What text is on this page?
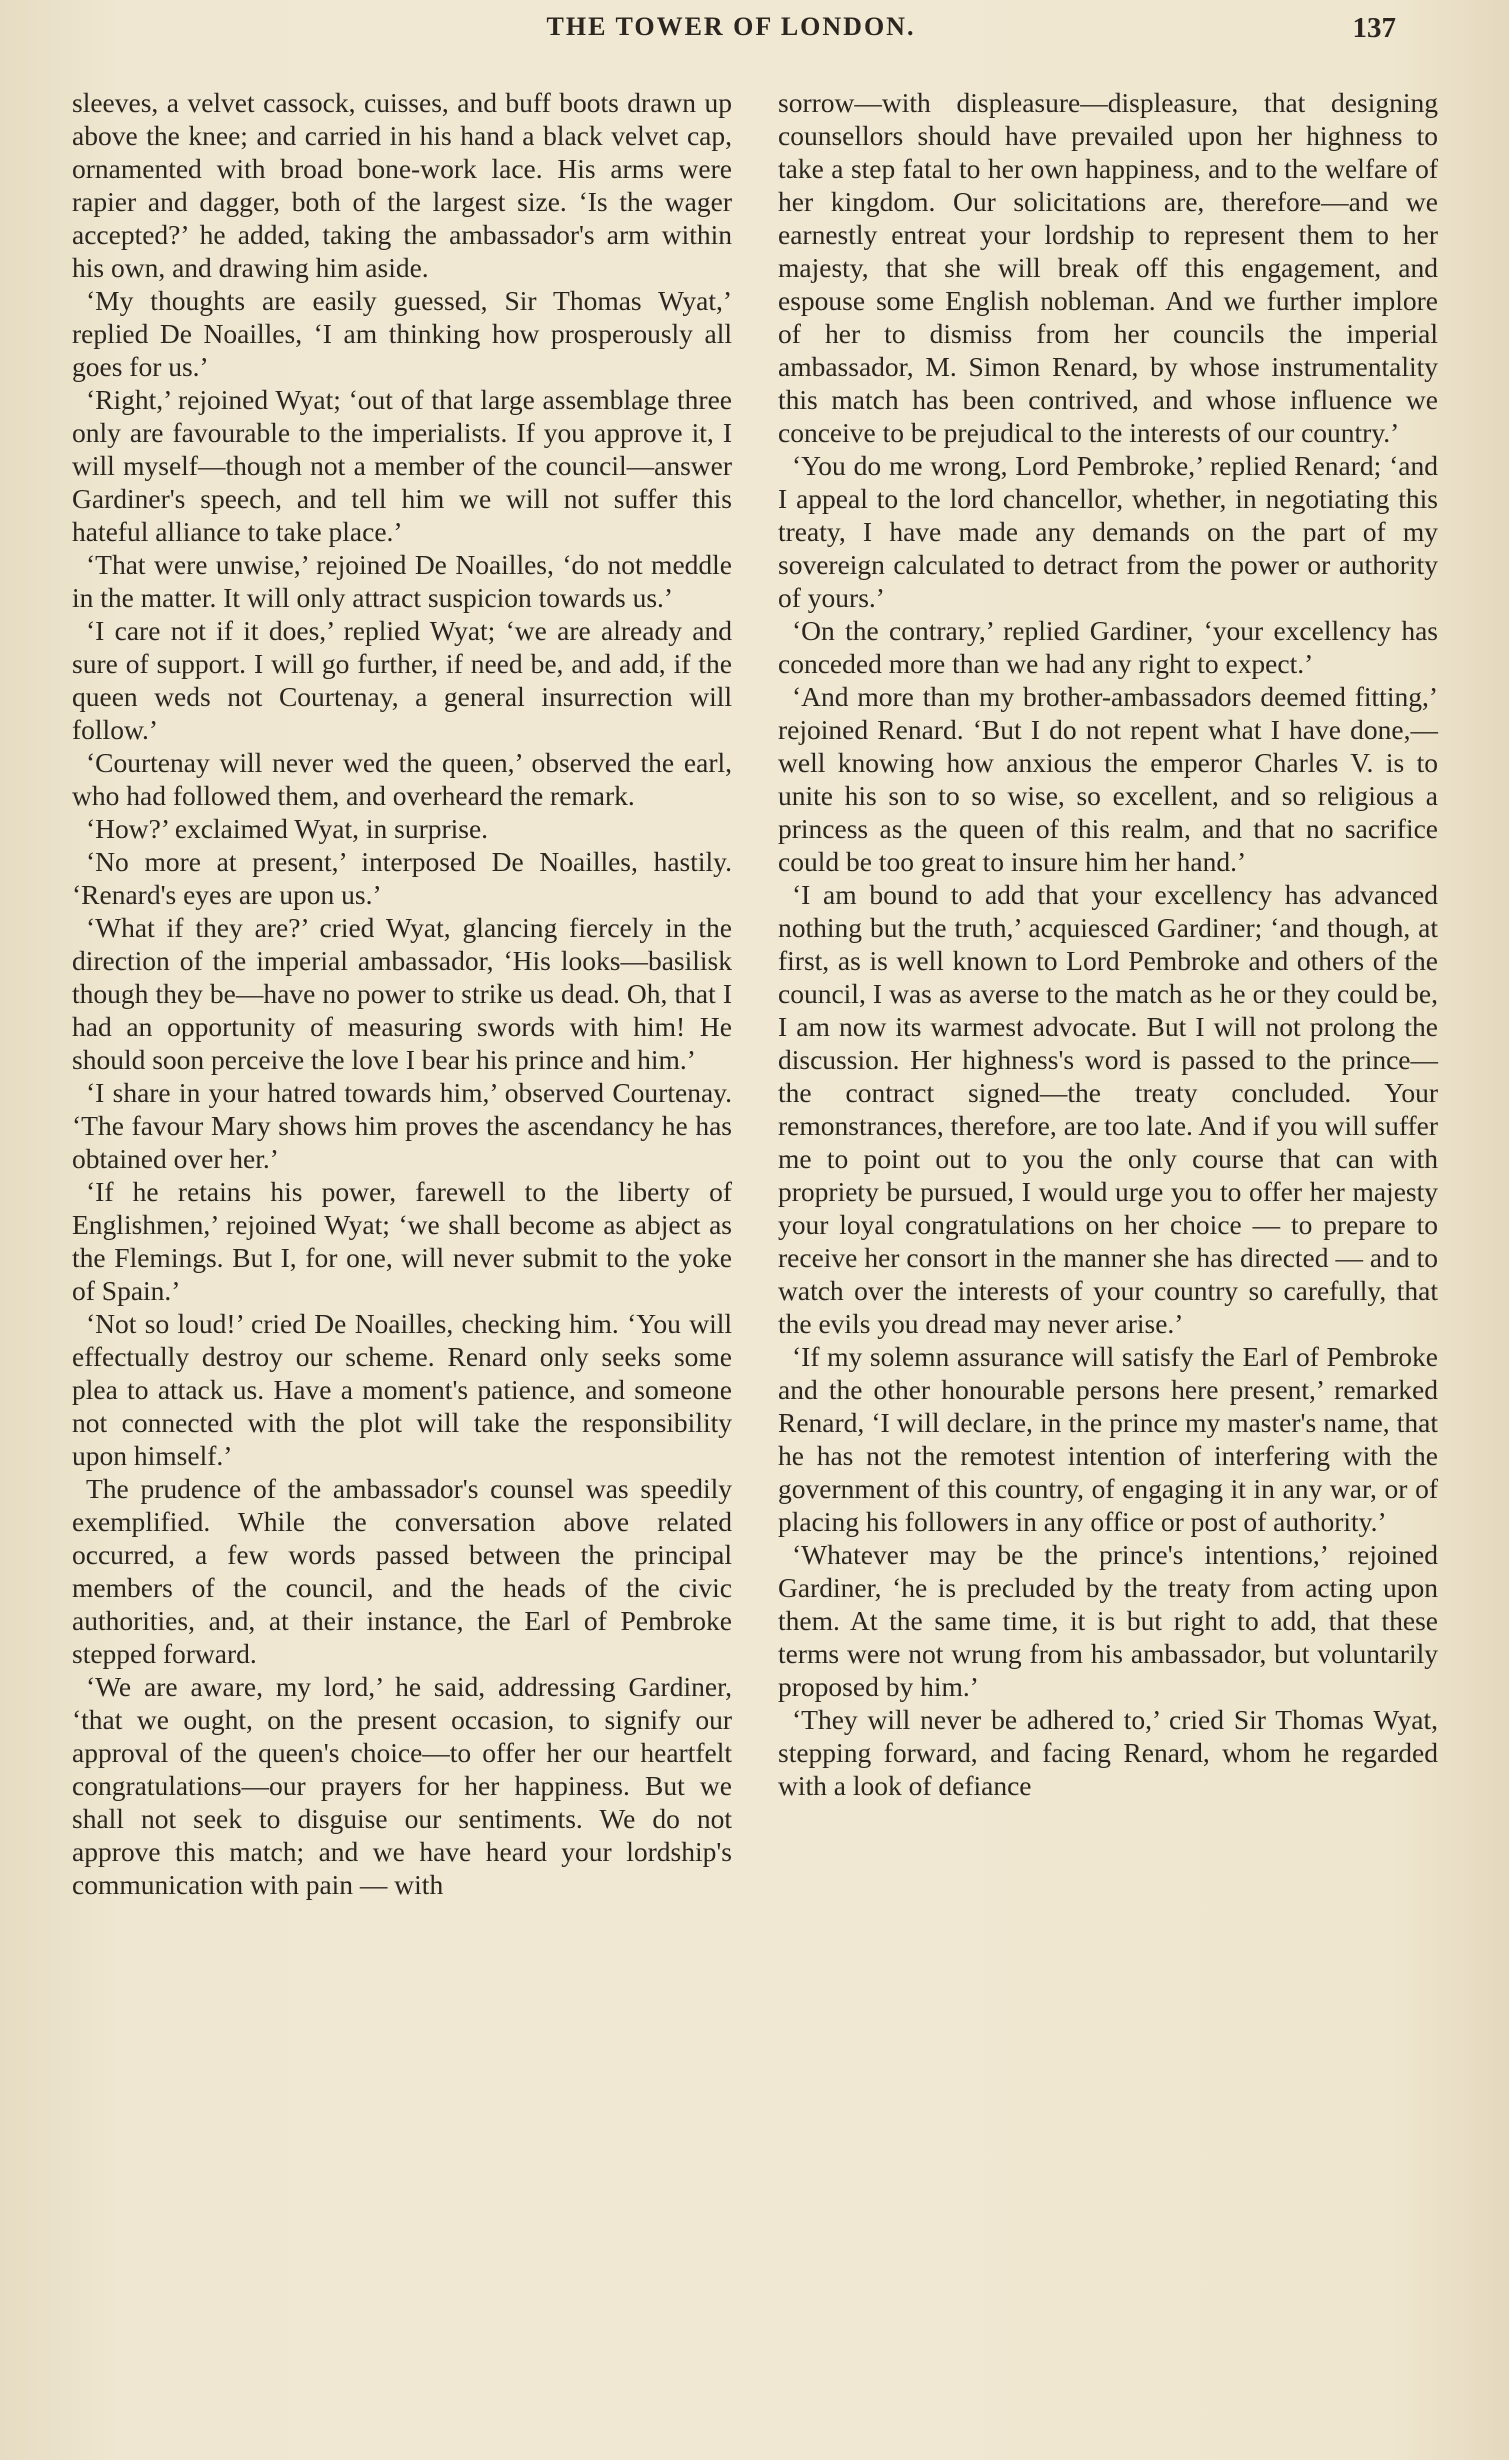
THE TOWER OF LONDON.	137

sleeves, a velvet cassock, cuisses, and buff boots drawn up above the knee; and carried in his hand a black velvet cap, ornamented with broad bone-work lace. His arms were rapier and dagger, both of the largest size. ‘Is the wager accepted?’ he added, taking the ambassador's arm within his own, and drawing him aside.

‘My thoughts are easily guessed, Sir Thomas Wyat,’ replied De Noailles, ‘I am thinking how prosperously all goes for us.’

‘Right,’ rejoined Wyat; ‘out of that large assemblage three only are favourable to the imperialists. If you approve it, I will myself—though not a member of the council—answer Gardiner's speech, and tell him we will not suffer this hateful alliance to take place.’

‘That were unwise,’ rejoined De Noailles, ‘do not meddle in the matter. It will only attract suspicion towards us.’

‘I care not if it does,’ replied Wyat; ‘we are already and sure of support. I will go further, if need be, and add, if the queen weds not Courtenay, a general insurrection will follow.’

‘Courtenay will never wed the queen,’ observed the earl, who had followed them, and overheard the remark.

‘How?’ exclaimed Wyat, in surprise.

‘No more at present,’ interposed De Noailles, hastily. ‘Renard's eyes are upon us.’

‘What if they are?’ cried Wyat, glancing fiercely in the direction of the imperial ambassador, ‘His looks—basilisk though they be—have no power to strike us dead. Oh, that I had an opportunity of measuring swords with him! He should soon perceive the love I bear his prince and him.’

‘I share in your hatred towards him,’ observed Courtenay. ‘The favour Mary shows him proves the ascendancy he has obtained over her.’

‘If he retains his power, farewell to the liberty of Englishmen,’ rejoined Wyat; ‘we shall become as abject as the Flemings. But I, for one, will never submit to the yoke of Spain.’

‘Not so loud!’ cried De Noailles, checking him. ‘You will effectually destroy our scheme. Renard only seeks some plea to attack us. Have a moment's patience, and someone not connected with the plot will take the responsibility upon himself.’

The prudence of the ambassador's counsel was speedily exemplified. While the conversation above related occurred, a few words passed between the principal members of the council, and the heads of the civic authorities, and, at their instance, the Earl of Pembroke stepped forward.

‘We are aware, my lord,’ he said, addressing Gardiner, ‘that we ought, on the present occasion, to signify our approval of the queen's choice—to offer her our heartfelt congratulations—our prayers for her happiness. But we shall not seek to disguise our sentiments. We do not approve this match; and we have heard your lordship's communication with pain — with

sorrow—with displeasure—displeasure, that designing counsellors should have prevailed upon her highness to take a step fatal to her own happiness, and to the welfare of her kingdom. Our solicitations are, therefore—and we earnestly entreat your lordship to represent them to her majesty, that she will break off this engagement, and espouse some English nobleman. And we further implore of her to dismiss from her councils the imperial ambassador, M. Simon Renard, by whose instrumentality this match has been contrived, and whose influence we conceive to be prejudical to the interests of our country.’

‘You do me wrong, Lord Pembroke,’ replied Renard; ‘and I appeal to the lord chancellor, whether, in negotiating this treaty, I have made any demands on the part of my sovereign calculated to detract from the power or authority of yours.’

‘On the contrary,’ replied Gardiner, ‘your excellency has conceded more than we had any right to expect.’

‘And more than my brother-ambassadors deemed fitting,’ rejoined Renard. ‘But I do not repent what I have done,—well knowing how anxious the emperor Charles V. is to unite his son to so wise, so excellent, and so religious a princess as the queen of this realm, and that no sacrifice could be too great to insure him her hand.’

‘I am bound to add that your excellency has advanced nothing but the truth,’ acquiesced Gardiner; ‘and though, at first, as is well known to Lord Pembroke and others of the council, I was as averse to the match as he or they could be, I am now its warmest advocate. But I will not prolong the discussion. Her highness's word is passed to the prince—the contract signed—the treaty concluded. Your remonstrances, therefore, are too late. And if you will suffer me to point out to you the only course that can with propriety be pursued, I would urge you to offer her majesty your loyal congratulations on her choice — to prepare to receive her consort in the manner she has directed — and to watch over the interests of your country so carefully, that the evils you dread may never arise.’

‘If my solemn assurance will satisfy the Earl of Pembroke and the other honourable persons here present,’ remarked Renard, ‘I will declare, in the prince my master's name, that he has not the remotest intention of interfering with the government of this country, of engaging it in any war, or of placing his followers in any office or post of authority.’

‘Whatever may be the prince's intentions,’ rejoined Gardiner, ‘he is precluded by the treaty from acting upon them. At the same time, it is but right to add, that these terms were not wrung from his ambassador, but voluntarily proposed by him.’

‘They will never be adhered to,’ cried Sir Thomas Wyat, stepping forward, and facing Renard, whom he regarded with a look of defiance
